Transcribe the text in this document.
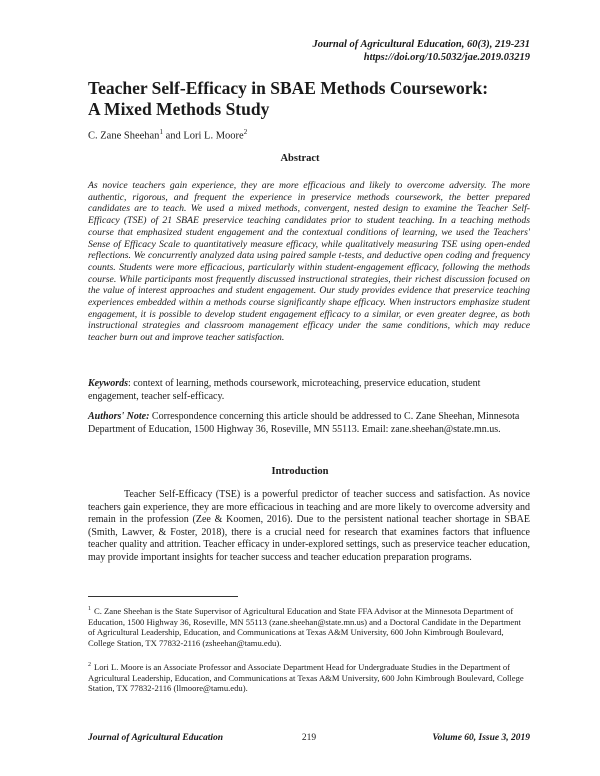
Journal of Agricultural Education, 60(3), 219-231
https://doi.org/10.5032/jae.2019.03219
Teacher Self-Efficacy in SBAE Methods Coursework:
A Mixed Methods Study
C. Zane Sheehan$^1$ and Lori L. Moore$^2$
Abstract
As novice teachers gain experience, they are more efficacious and likely to overcome adversity. The more authentic, rigorous, and frequent the experience in preservice methods coursework, the better prepared candidates are to teach. We used a mixed methods, convergent, nested design to examine the Teacher Self-Efficacy (TSE) of 21 SBAE preservice teaching candidates prior to student teaching. In a teaching methods course that emphasized student engagement and the contextual conditions of learning, we used the Teachers' Sense of Efficacy Scale to quantitatively measure efficacy, while qualitatively measuring TSE using open-ended reflections. We concurrently analyzed data using paired sample t-tests, and deductive open coding and frequency counts. Students were more efficacious, particularly within student-engagement efficacy, following the methods course. While participants most frequently discussed instructional strategies, their richest discussion focused on the value of interest approaches and student engagement. Our study provides evidence that preservice teaching experiences embedded within a methods course significantly shape efficacy. When instructors emphasize student engagement, it is possible to develop student engagement efficacy to a similar, or even greater degree, as both instructional strategies and classroom management efficacy under the same conditions, which may reduce teacher burn out and improve teacher satisfaction.
Keywords: context of learning, methods coursework, microteaching, preservice education, student engagement, teacher self-efficacy.
Authors' Note: Correspondence concerning this article should be addressed to C. Zane Sheehan, Minnesota Department of Education, 1500 Highway 36, Roseville, MN 55113. Email: zane.sheehan@state.mn.us.
Introduction
Teacher Self-Efficacy (TSE) is a powerful predictor of teacher success and satisfaction. As novice teachers gain experience, they are more efficacious in teaching and are more likely to overcome adversity and remain in the profession (Zee & Koomen, 2016). Due to the persistent national teacher shortage in SBAE (Smith, Lawver, & Foster, 2018), there is a crucial need for research that examines factors that influence teacher quality and attrition. Teacher efficacy in under-explored settings, such as preservice teacher education, may provide important insights for teacher success and teacher education preparation programs.
$^1$ C. Zane Sheehan is the State Supervisor of Agricultural Education and State FFA Advisor at the Minnesota Department of Education, 1500 Highway 36, Roseville, MN 55113 (zane.sheehan@state.mn.us) and a Doctoral Candidate in the Department of Agricultural Leadership, Education, and Communications at Texas A&M University, 600 John Kimbrough Boulevard, College Station, TX 77832-2116 (zsheehan@tamu.edu).
$^2$ Lori L. Moore is an Associate Professor and Associate Department Head for Undergraduate Studies in the Department of Agricultural Leadership, Education, and Communications at Texas A&M University, 600 John Kimbrough Boulevard, College Station, TX 77832-2116 (llmoore@tamu.edu).
Journal of Agricultural Education	219	Volume 60, Issue 3, 2019
